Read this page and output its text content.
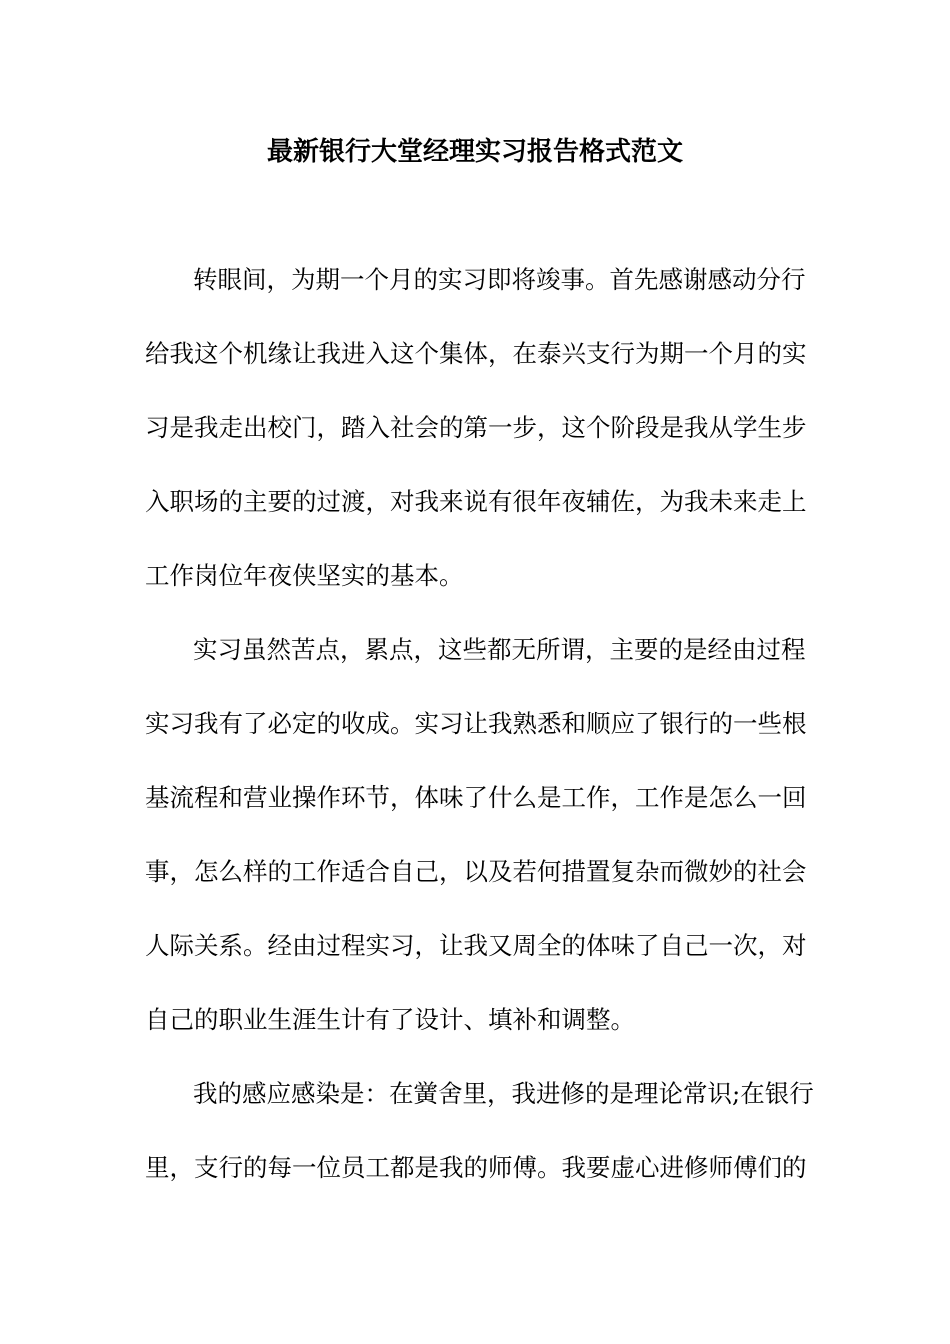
最新银行大堂经理实习报告格式范文

转眼间，为期一个月的实习即将竣事。首先感谢感动分行

给我这个机缘让我进入这个集体，在泰兴支行为期一个月的实

习是我走出校门，踏入社会的第一步，这个阶段是我从学生步

入职场的主要的过渡，对我来说有很年夜辅佐，为我未来走上

工作岗位年夜侠坚实的基本。

实习虽然苦点，累点，这些都无所谓，主要的是经由过程

实习我有了必定的收成。实习让我熟悉和顺应了银行的一些根

基流程和营业操作环节，体味了什么是工作，工作是怎么一回

事，怎么样的工作适合自己，以及若何措置复杂而微妙的社会

人际关系。经由过程实习，让我又周全的体味了自己一次，对

自己的职业生涯生计有了设计、填补和调整。

我的感应感染是：在黉舍里，我进修的是理论常识;在银行

里，支行的每一位员工都是我的师傅。我要虚心进修师傅们的
